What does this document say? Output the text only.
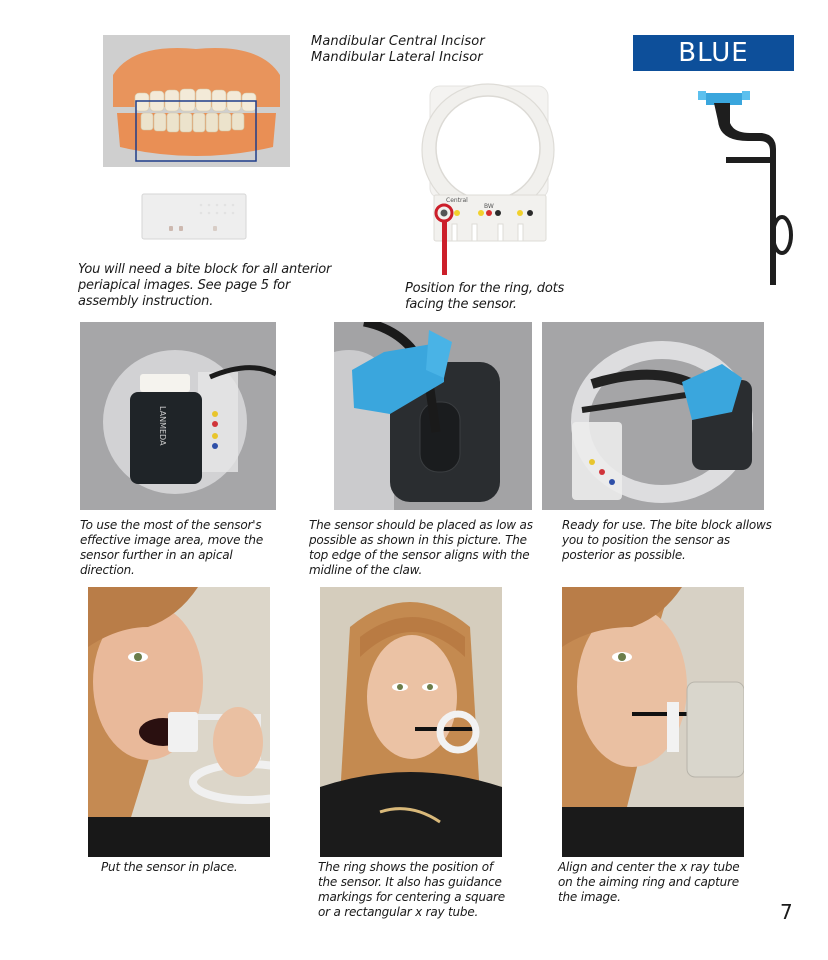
You will need a bite block for all anterior periapical images. See page 5 for assembly instruction.
Mandibular Central Incisor
Mandibular Lateral Incisor
Central
BW
Position for the ring, dots facing the sensor.
BLUE
LANMEDA
To use the most of the sensor's effective image area, move the sensor further in an apical direction.
The sensor should be placed as low as possible as shown in this picture. The top edge of the sensor aligns with the midline of the claw.
Ready for use. The bite block allows you to position the sensor as posterior as possible.
Put the sensor in place.	The ring shows the position of the sensor. It also has guidance markings for centering a square or a rectangular x ray tube.
Align and center the x ray tube on the aiming ring and capture the image.
7
